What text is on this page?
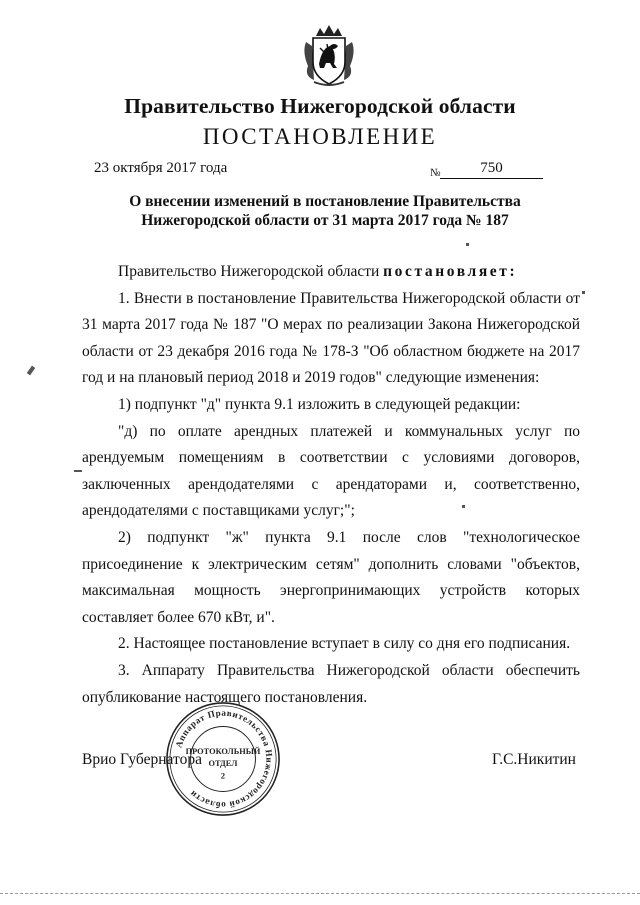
Правительство Нижегородской области
ПОСТАНОВЛЕНИЕ
23 октября 2017 года	№	750
О внесении изменений в постановление Правительства
Нижегородской области от 31 марта 2017 года № 187

Правительство Нижегородской области постановляет:

1. Внести в постановление Правительства Нижегородской области от 31 марта 2017 года № 187 "О мерах по реализации Закона Нижегородской области от 23 декабря 2016 года № 178-З "Об областном бюджете на 2017 год и на плановый период 2018 и 2019 годов" следующие изменения:

1) подпункт "д" пункта 9.1 изложить в следующей редакции:

"д) по оплате арендных платежей и коммунальных услуг по арендуемым помещениям в соответствии с условиями договоров, заключенных арендодателями с арендаторами и, соответственно, арендодателями с поставщиками услуг;";

2) подпункт "ж" пункта 9.1 после слов "технологическое присоединение к электрическим сетям" дополнить словами "объектов, максимальная мощность энергопринимающих устройств которых составляет более 670 кВт, и".

2. Настоящее постановление вступает в силу со дня его подписания.

3. Аппарату Правительства Нижегородской области обеспечить опубликование настоящего постановления.

Врио Губернатора	Г.С.Никитин
Аппарат Правительства Нижегородской области
ПРОТОКОЛЬНЫЙ
ОТДЕЛ
2
